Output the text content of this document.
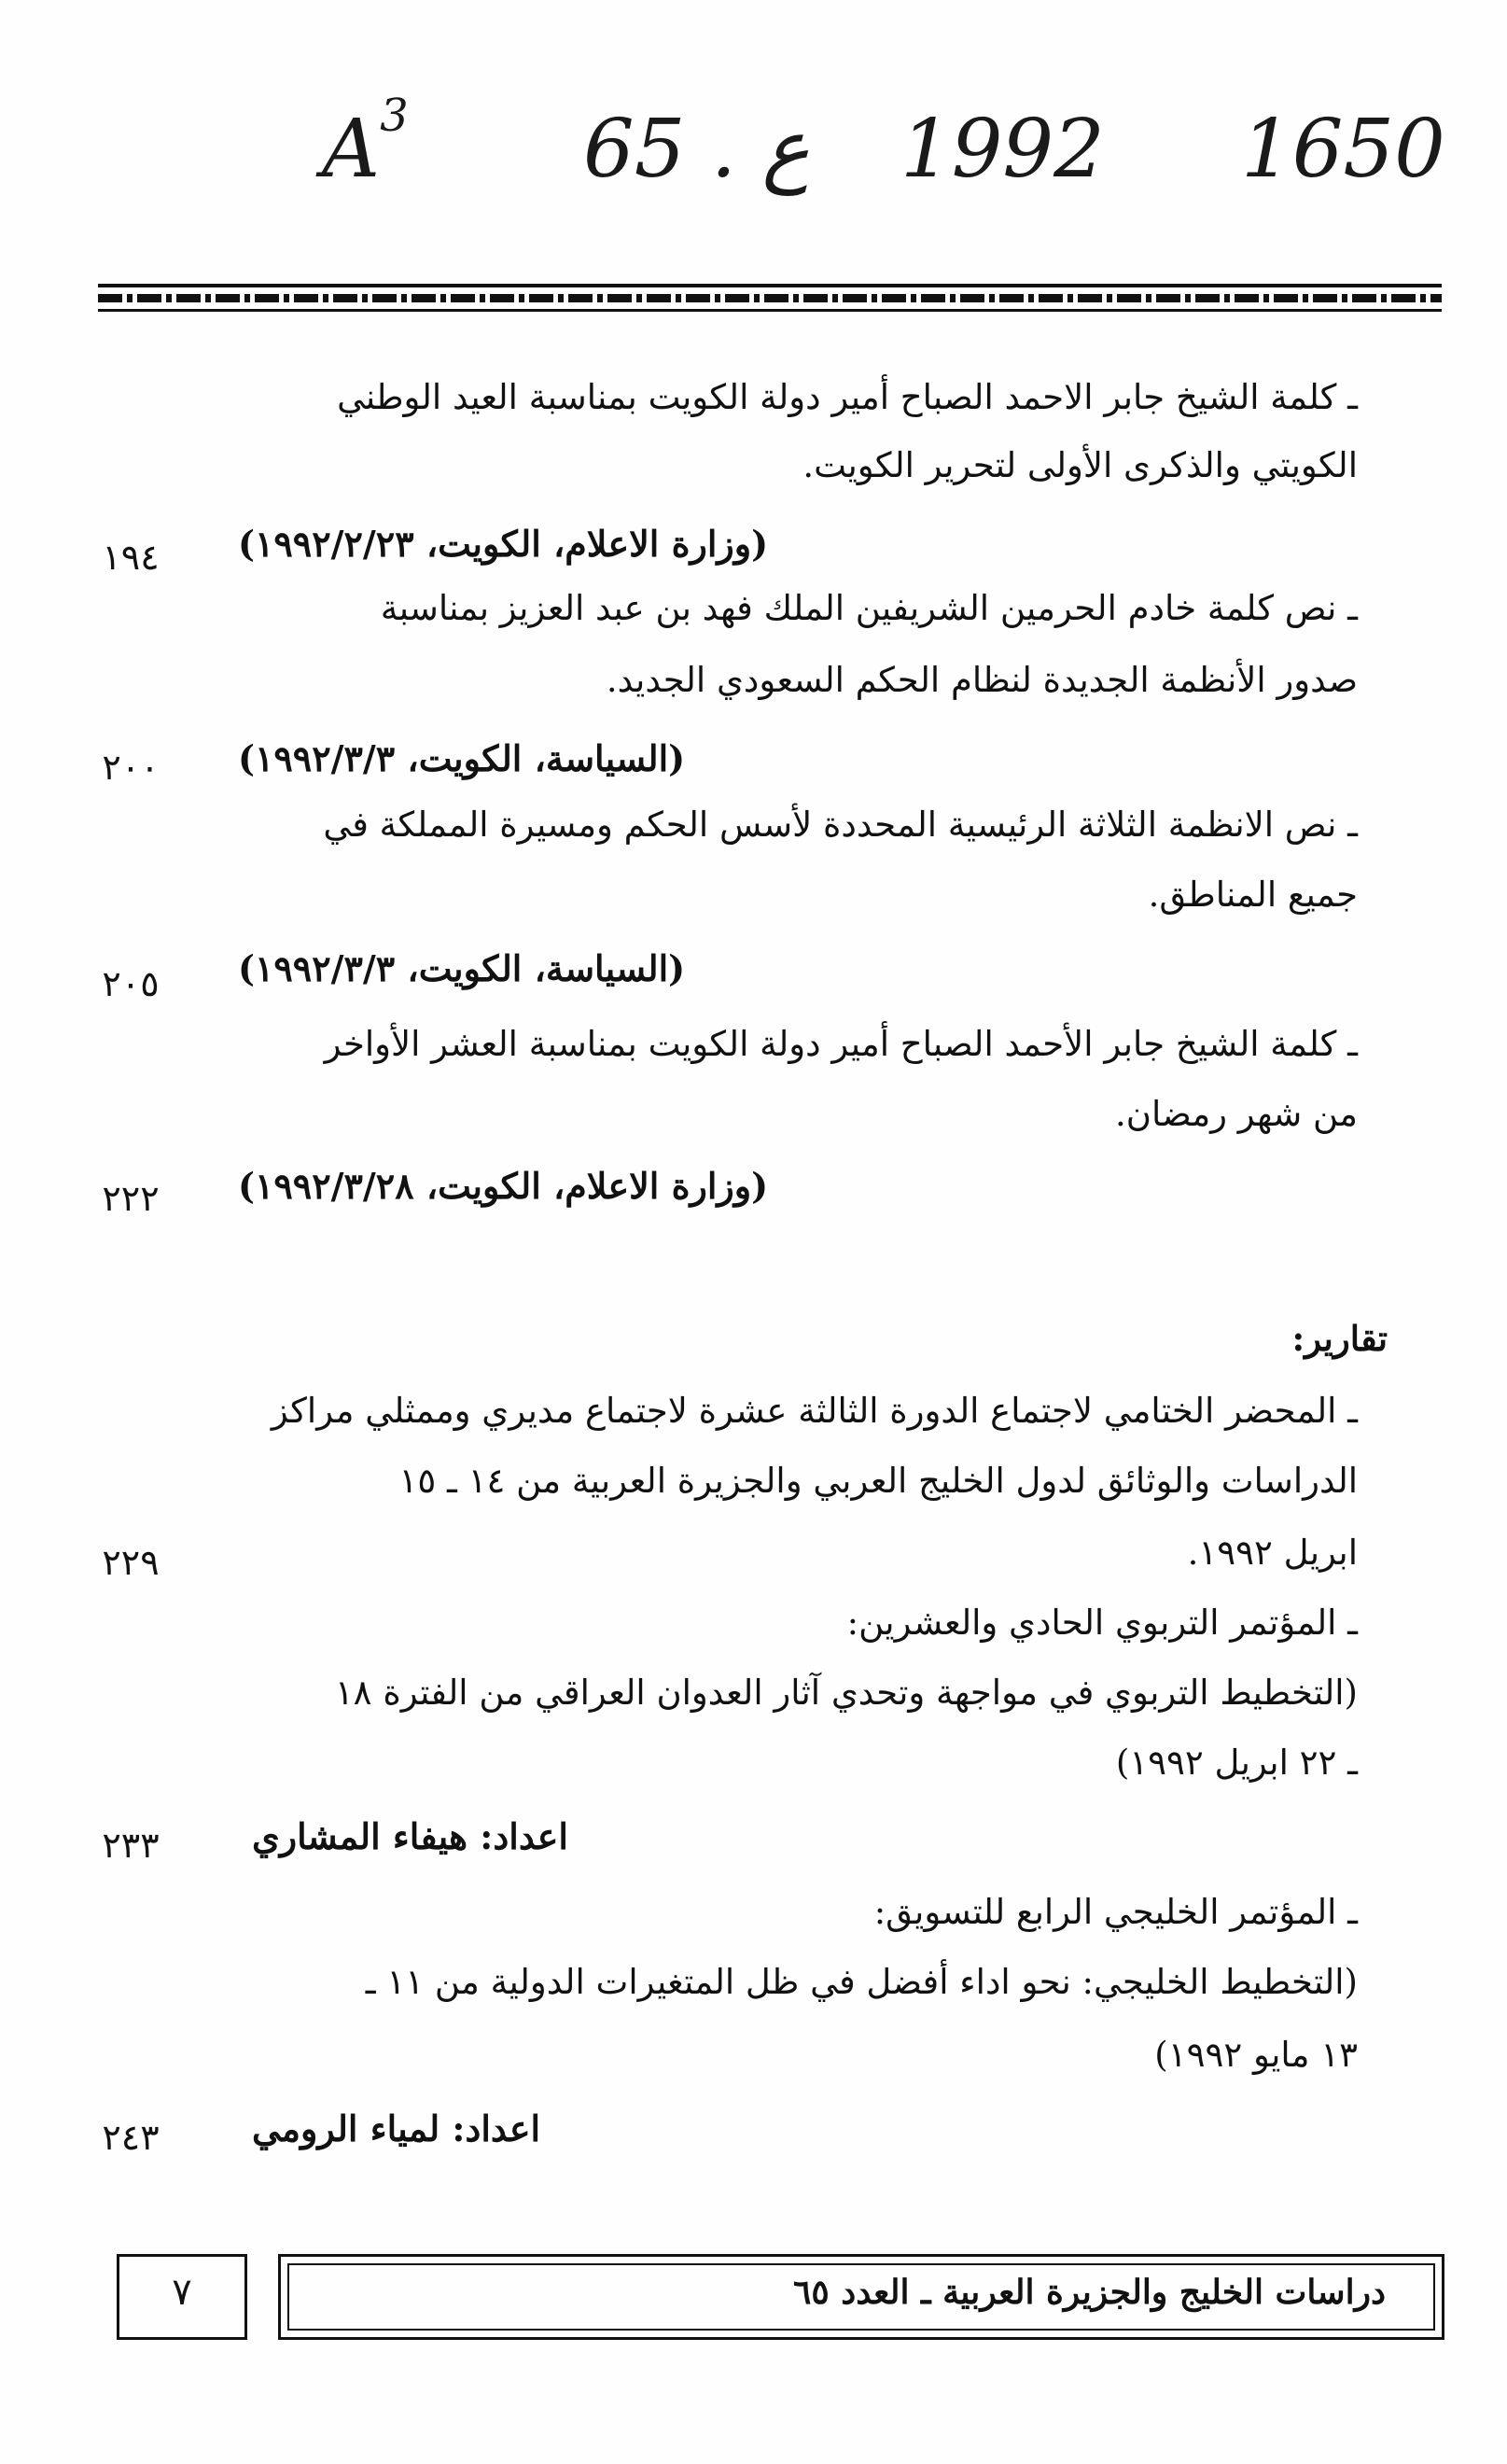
$A^3$ 65 . ع 1992 1650
ـ كلمة الشيخ جابر الاحمد الصباح أمير دولة الكويت بمناسبة العيد الوطني
الكويتي والذكرى الأولى لتحرير الكويت.
(وزارة الاعلام، الكويت، ١٩٩٢/٢/٢٣)
١٩٤
ـ نص كلمة خادم الحرمين الشريفين الملك فهد بن عبد العزيز بمناسبة
صدور الأنظمة الجديدة لنظام الحكم السعودي الجديد.
(السياسة، الكويت، ١٩٩٢/٣/٣)
٢٠٠
ـ نص الانظمة الثلاثة الرئيسية المحددة لأسس الحكم ومسيرة المملكة في
جميع المناطق.
(السياسة، الكويت، ١٩٩٢/٣/٣)
٢٠٥
ـ كلمة الشيخ جابر الأحمد الصباح أمير دولة الكويت بمناسبة العشر الأواخر
من شهر رمضان.
(وزارة الاعلام، الكويت، ١٩٩٢/٣/٢٨)
٢٢٢
تقارير:
ـ المحضر الختامي لاجتماع الدورة الثالثة عشرة لاجتماع مديري وممثلي مراكز
الدراسات والوثائق لدول الخليج العربي والجزيرة العربية من ١٤ ـ ١٥
ابريل ١٩٩٢.
٢٢٩
ـ المؤتمر التربوي الحادي والعشرين:
(التخطيط التربوي في مواجهة وتحدي آثار العدوان العراقي من الفترة ١٨
ـ ٢٢ ابريل ١٩٩٢)
اعداد: هيفاء المشاري
٢٣٣
ـ المؤتمر الخليجي الرابع للتسويق:
(التخطيط الخليجي: نحو اداء أفضل في ظل المتغيرات الدولية من ١١ ـ
١٣ مايو ١٩٩٢)
اعداد: لمياء الرومي
٢٤٣
٧	دراسات الخليج والجزيرة العربية ـ العدد ٦٥
